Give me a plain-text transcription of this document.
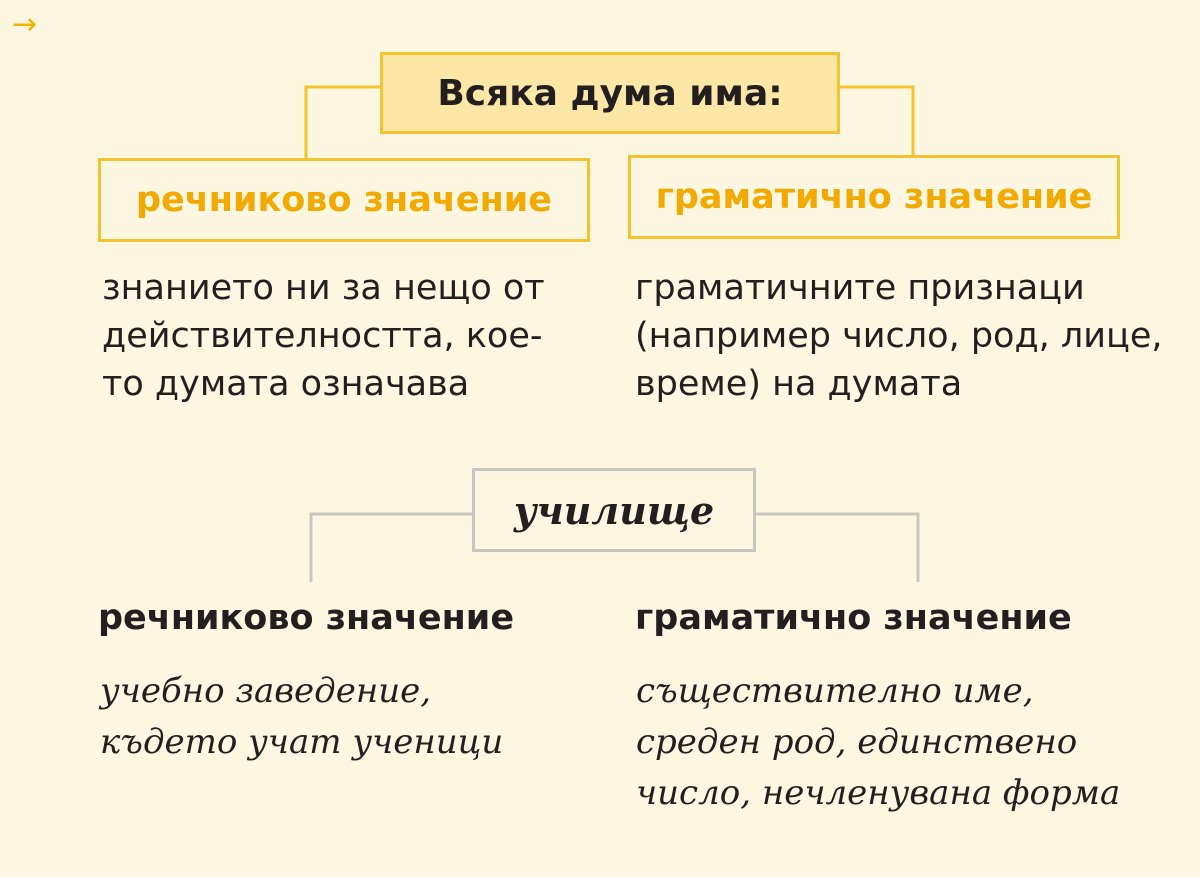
→
Всяка дума има:
речниково значение	граматично значение
знанието ни за нещо от
действителността, кое-
то думата означава
граматичните признаци
(например число, род, лице,
време) на думата
училище
речниково значение	граматично значение
учебно заведение,
където учат ученици
съществително име,
среден род, единствено
число, нечленувана форма
